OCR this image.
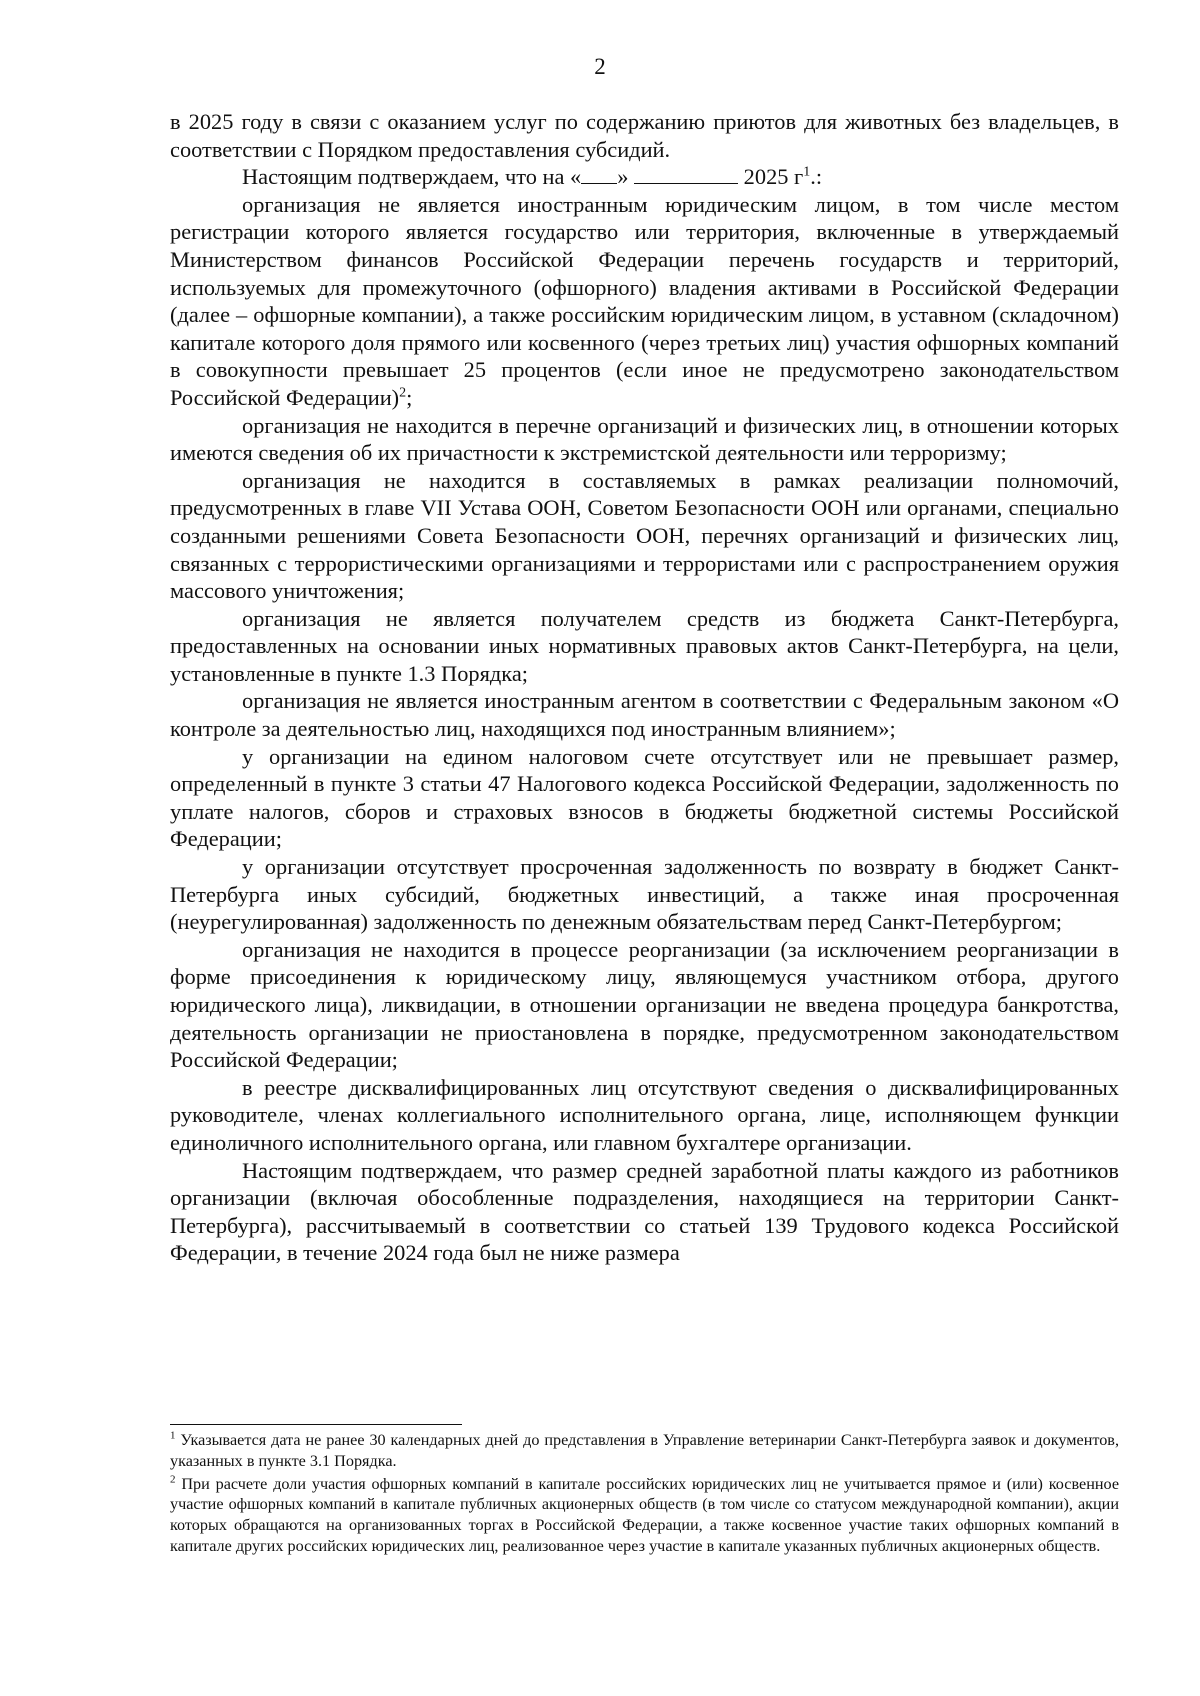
2

в 2025 году в связи с оказанием услуг по содержанию приютов для животных без владельцев, в соответствии с Порядком предоставления субсидий.

Настоящим подтверждаем, что на « »	2025 $г^1$.:

организация не является иностранным юридическим лицом, в том числе местом регистрации которого является государство или территория, включенные в утверждаемый Министерством финансов Российской Федерации перечень государств и территорий, используемых для промежуточного (офшорного) владения активами в Российской Федерации (далее – офшорные компании), а также российским юридическим лицом, в уставном (складочном) капитале которого доля прямого или косвенного (через третьих лиц) участия офшорных компаний в совокупности превышает 25 процентов (если иное не предусмотрено законодательством Российской Федерации)$^2$;

организация не находится в перечне организаций и физических лиц, в отношении которых имеются сведения об их причастности к экстремистской деятельности или терроризму;

организация не находится в составляемых в рамках реализации полномочий, предусмотренных в главе VII Устава ООН, Советом Безопасности ООН или органами, специально созданными решениями Совета Безопасности ООН, перечнях организаций и физических лиц, связанных с террористическими организациями и террористами или с распространением оружия массового уничтожения;

организация не является получателем средств из бюджета Санкт-Петербурга, предоставленных на основании иных нормативных правовых актов Санкт-Петербурга, на цели, установленные в пункте 1.3 Порядка;

организация не является иностранным агентом в соответствии с Федеральным законом «О контроле за деятельностью лиц, находящихся под иностранным влиянием»;

у организации на едином налоговом счете отсутствует или не превышает размер, определенный в пункте 3 статьи 47 Налогового кодекса Российской Федерации, задолженность по уплате налогов, сборов и страховых взносов в бюджеты бюджетной системы Российской Федерации;

у организации отсутствует просроченная задолженность по возврату в бюджет Санкт-Петербурга иных субсидий, бюджетных инвестиций, а также иная просроченная (неурегулированная) задолженность по денежным обязательствам перед Санкт-Петербургом;

организация не находится в процессе реорганизации (за исключением реорганизации в форме присоединения к юридическому лицу, являющемуся участником отбора, другого юридического лица), ликвидации, в отношении организации не введена процедура банкротства, деятельность организации не приостановлена в порядке, предусмотренном законодательством Российской Федерации;

в реестре дисквалифицированных лиц отсутствуют сведения о дисквалифицированных руководителе, членах коллегиального исполнительного органа, лице, исполняющем функции единоличного исполнительного органа, или главном бухгалтере организации.

Настоящим подтверждаем, что размер средней заработной платы каждого из работников организации (включая обособленные подразделения, находящиеся на территории Санкт-Петербурга), рассчитываемый в соответствии со статьей 139 Трудового кодекса Российской Федерации, в течение 2024 года был не ниже размера

$^1$ Указывается дата не ранее 30 календарных дней до представления в Управление ветеринарии Санкт-Петербурга заявок и документов, указанных в пункте 3.1 Порядка.

$^2$ При расчете доли участия офшорных компаний в капитале российских юридических лиц не учитывается прямое и (или) косвенное участие офшорных компаний в капитале публичных акционерных обществ (в том числе со статусом международной компании), акции которых обращаются на организованных торгах в Российской Федерации, а также косвенное участие таких офшорных компаний в капитале других российских юридических лиц, реализованное через участие в капитале указанных публичных акционерных обществ.
